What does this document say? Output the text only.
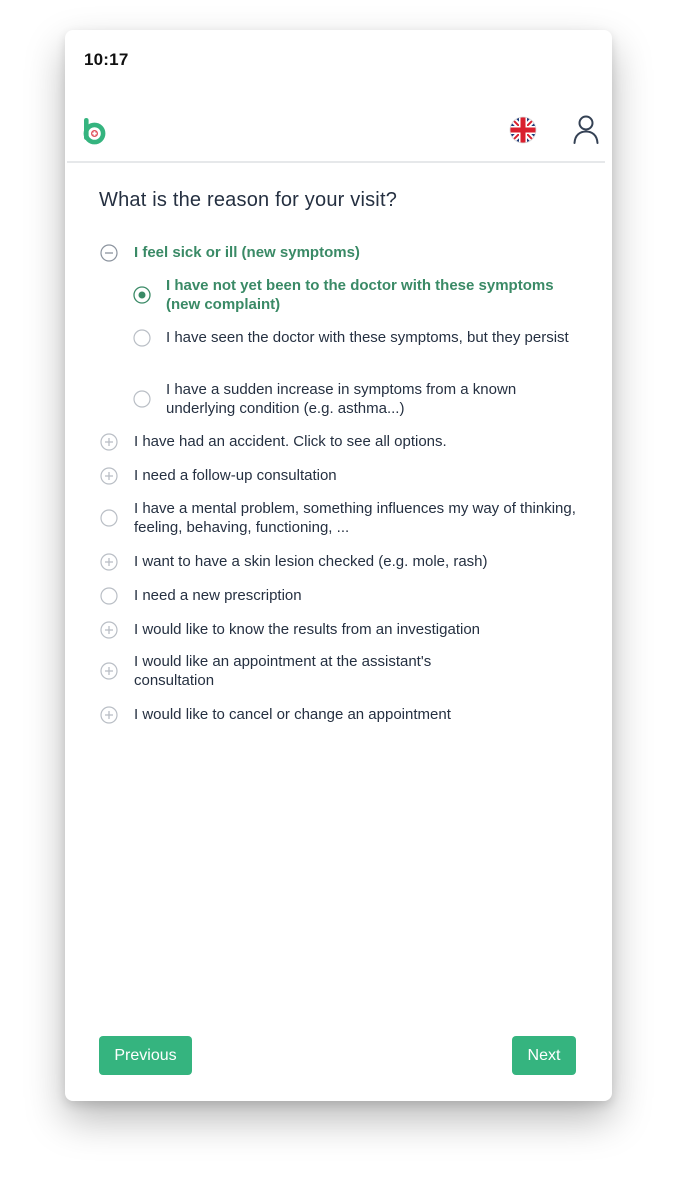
10:17
What is the reason for your visit?
I feel sick or ill (new symptoms)
I have not yet been to the doctor with these symptoms (new complaint)
I have seen the doctor with these symptoms, but they persist
I have a sudden increase in symptoms from a known underlying condition (e.g. asthma...)
I have had an accident. Click to see all options.
I need a follow-up consultation
I have a mental problem, something influences my way of thinking, feeling, behaving, functioning, ...
I want to have a skin lesion checked (e.g. mole, rash)
I need a new prescription
I would like to know the results from an investigation
I would like an appointment at the assistant's consultation
I would like to cancel or change an appointment
Previous	Next
